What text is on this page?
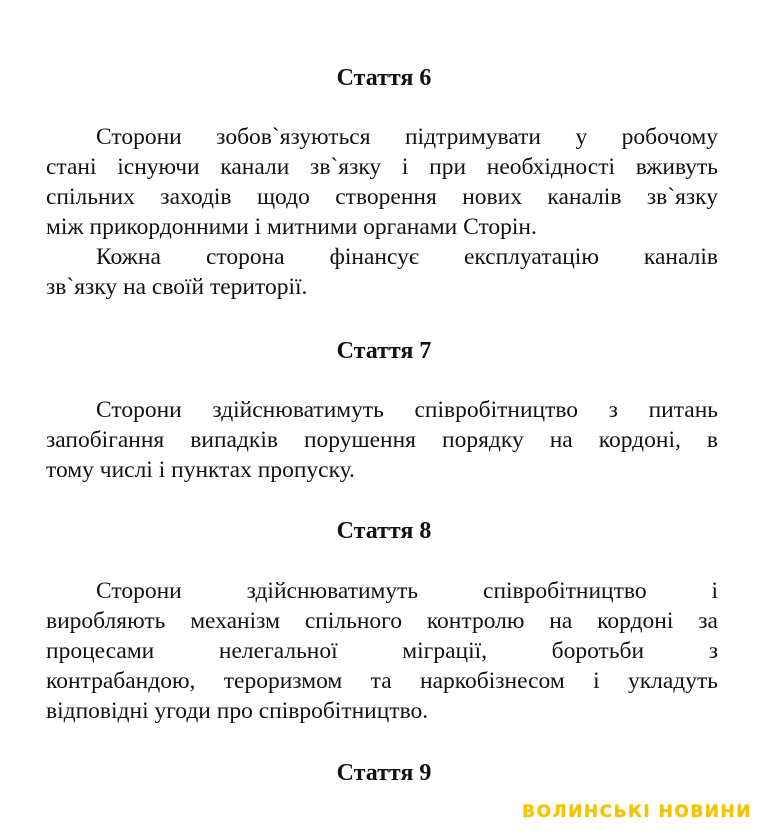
Стаття 6

Сторони зобов`язуються підтримувати у робочому

стані існуючи канали зв`язку і при необхідності вживуть

спільних заходів щодо створення нових каналів зв`язку

між прикордонними і митними органами Сторін.

Кожна сторона фінансує експлуатацію каналів

зв`язку на своїй території.

Стаття 7

Сторони здійснюватимуть співробітництво з питань

запобігання випадків порушення порядку на кордоні, в

тому числі і пунктах пропуску.

Стаття 8

Сторони здійснюватимуть співробітництво і

виробляють механізм спільного контролю на кордоні за

процесами нелегальної міграції, боротьби з

контрабандою, тероризмом та наркобізнесом і укладуть

відповідні угоди про співробітництво.

Стаття 9
ВОЛИНСЬКІ НОВИНИ
